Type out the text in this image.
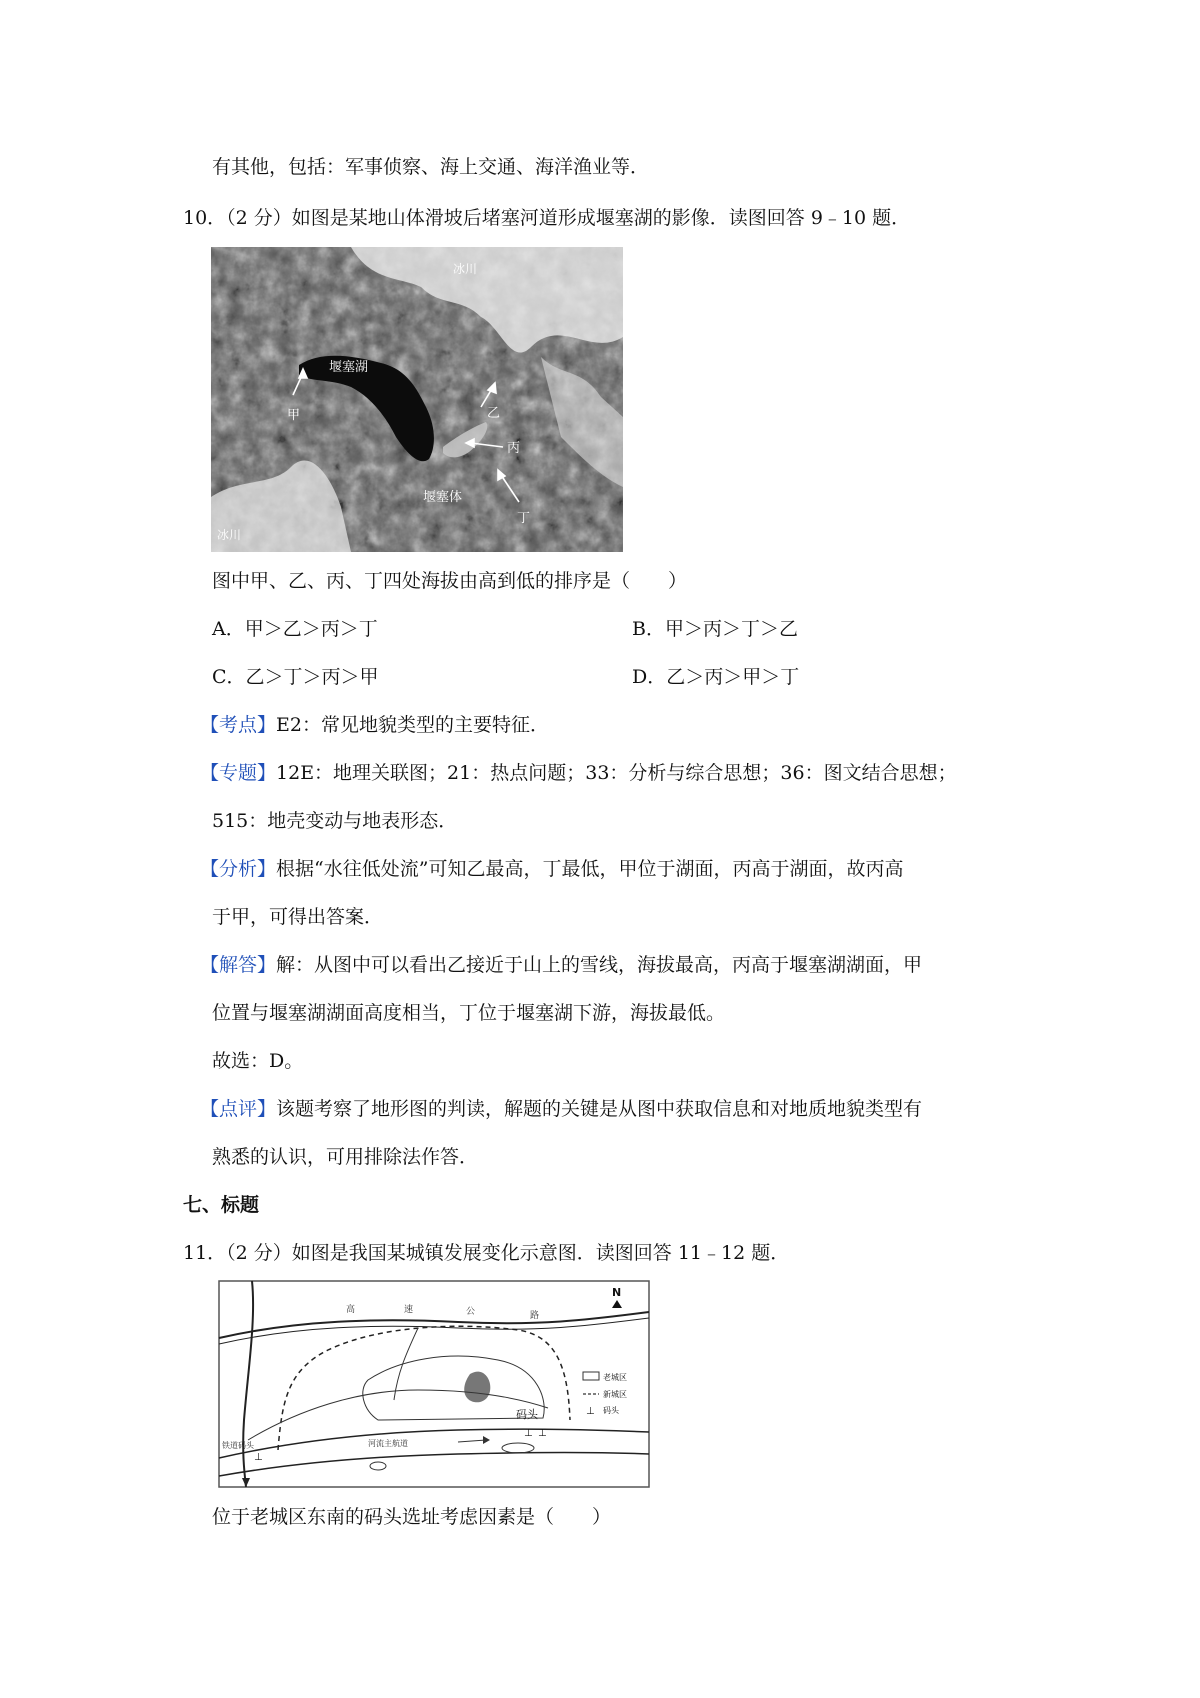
有其他，包括：军事侦察、海上交通、海洋渔业等．
10．（2 分）如图是某地山体滑坡后堵塞河道形成堰塞湖的影像．读图回答 9﹣10 题．
冰川
堰塞湖
甲	乙
丙
丁
堰塞体
冰川
图中甲、乙、丙、丁四处海拔由高到低的排序是（　　）
A．甲＞乙＞丙＞丁	B．甲＞丙＞丁＞乙
C．乙＞丁＞丙＞甲	D．乙＞丙＞甲＞丁
【考点】E2：常见地貌类型的主要特征．
【专题】12E：地理关联图；21：热点问题；33：分析与综合思想；36：图文结合思想；
515：地壳变动与地表形态．
【分析】根据“水往低处流”可知乙最高，丁最低，甲位于湖面，丙高于湖面，故丙高
于甲，可得出答案．
【解答】解：从图中可以看出乙接近于山上的雪线，海拔最高，丙高于堰塞湖湖面，甲
位置与堰塞湖湖面高度相当，丁位于堰塞湖下游，海拔最低。
故选：D。
【点评】该题考察了地形图的判读，解题的关键是从图中获取信息和对地质地貌类型有
熟悉的认识，可用排除法作答．
七、标题
11．（2 分）如图是我国某城镇发展变化示意图．读图回答 11﹣12 题．
高	速	公	路
N
河流主航道
码头
⊥ ⊥
铁道码头
⊥
老城区
新城区
⊥ 码头
位于老城区东南的码头选址考虑因素是（　　）
